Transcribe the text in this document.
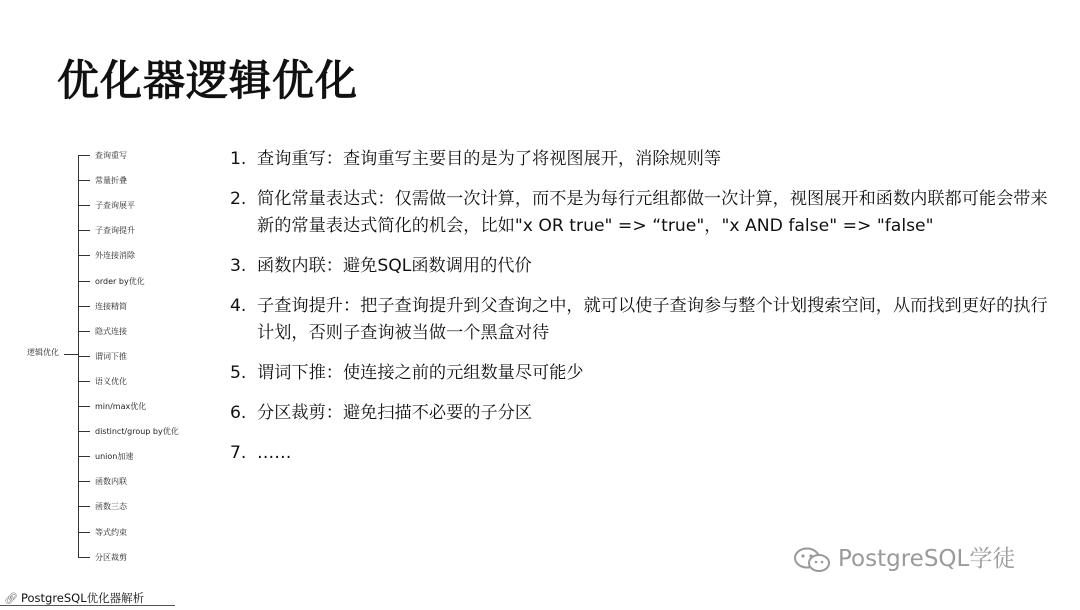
优化器逻辑优化
逻辑优化
查询重写
常量折叠
子查询展平
子查询提升
外连接消除
order by优化
连接精简
隐式连接
谓词下推
语义优化
min/max优化
distinct/group by优化
union加速
函数内联
函数三态
等式约束
分区裁剪
1. 查询重写：查询重写主要目的是为了将视图展开，消除规则等
2. 简化常量表达式：仅需做一次计算，而不是为每行元组都做一次计算，视图展开和函数内联都可能会带来新的常量表达式简化的机会，比如"x OR true" => “true"，"x AND false" => "false"
3. 函数内联：避免SQL函数调用的代价
4. 子查询提升：把子查询提升到父查询之中，就可以使子查询参与整个计划搜索空间，从而找到更好的执行计划，否则子查询被当做一个黑盒对待
5. 谓词下推：使连接之前的元组数量尽可能少
6. 分区裁剪：避免扫描不必要的子分区
7. ……
PostgreSQL学徒
🔗︎ PostgreSQL优化器解析
